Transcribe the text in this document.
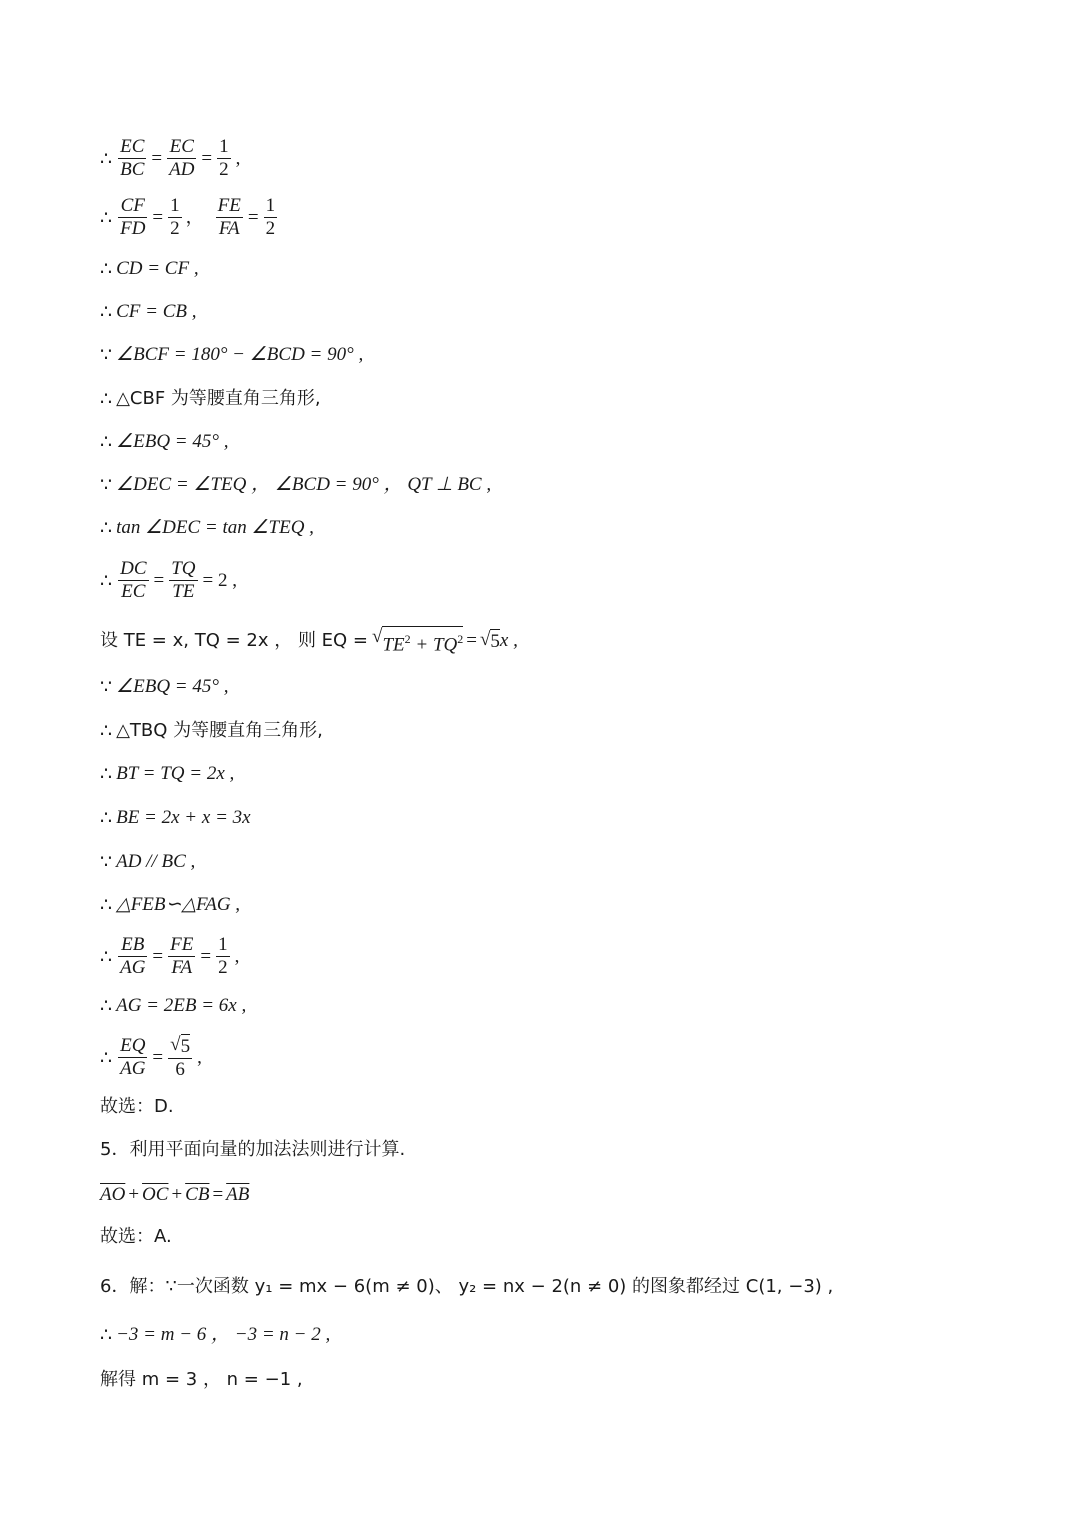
∴ $\frac{EC}{BC} = \frac{EC}{AD} = \frac{1}{2}$ ,
∴ $\frac{CF}{FD} = \frac{1}{2}$ ， $\frac{FE}{FA} = \frac{1}{2}$
∴ CD = CF ,
∴ CF = CB ,
∵ ∠BCF = 180° − ∠BCD = 90° ,
∴ △CBF 为等腰直角三角形,
∴ ∠EBQ = 45° ,
∵ ∠DEC = ∠TEQ ， ∠BCD = 90° ， QT ⊥ BC ,
∴ tan ∠DEC = tan ∠TEQ ,
∴ $\frac{DC}{EC} = \frac{TQ}{TE} = 2$ ,
设 TE = x, TQ = 2x ， 则 EQ = √ $TE^2 + TQ^2$ = √ 5 x ,
∵ ∠EBQ = 45° ,
∴ △TBQ 为等腰直角三角形,
∴ BT = TQ = 2x ,
∴ BE = 2x + x = 3x
∵ AD // BC ,
∴ △FEB∽△FAG ,
∴ $\frac{EB}{AG} = \frac{FE}{FA} = \frac{1}{2}$ ,
∴ AG = 2EB = 6x ,
∴ $\frac{EQ}{AG} = \frac{√ 5}{6}$ ,
故选：D.
5．利用平面向量的加法法则进行计算.
$\overline{AO} + \overline{OC} + \overline{CB} = \overline{AB}$
故选：A.
6．解：∵一次函数 y₁ = mx − 6(m ≠ 0)、 y₂ = nx − 2(n ≠ 0) 的图象都经过 C(1, −3) ,
∴ −3 = m − 6 ， −3 = n − 2 ,
解得 m = 3 ， n = −1 ,
